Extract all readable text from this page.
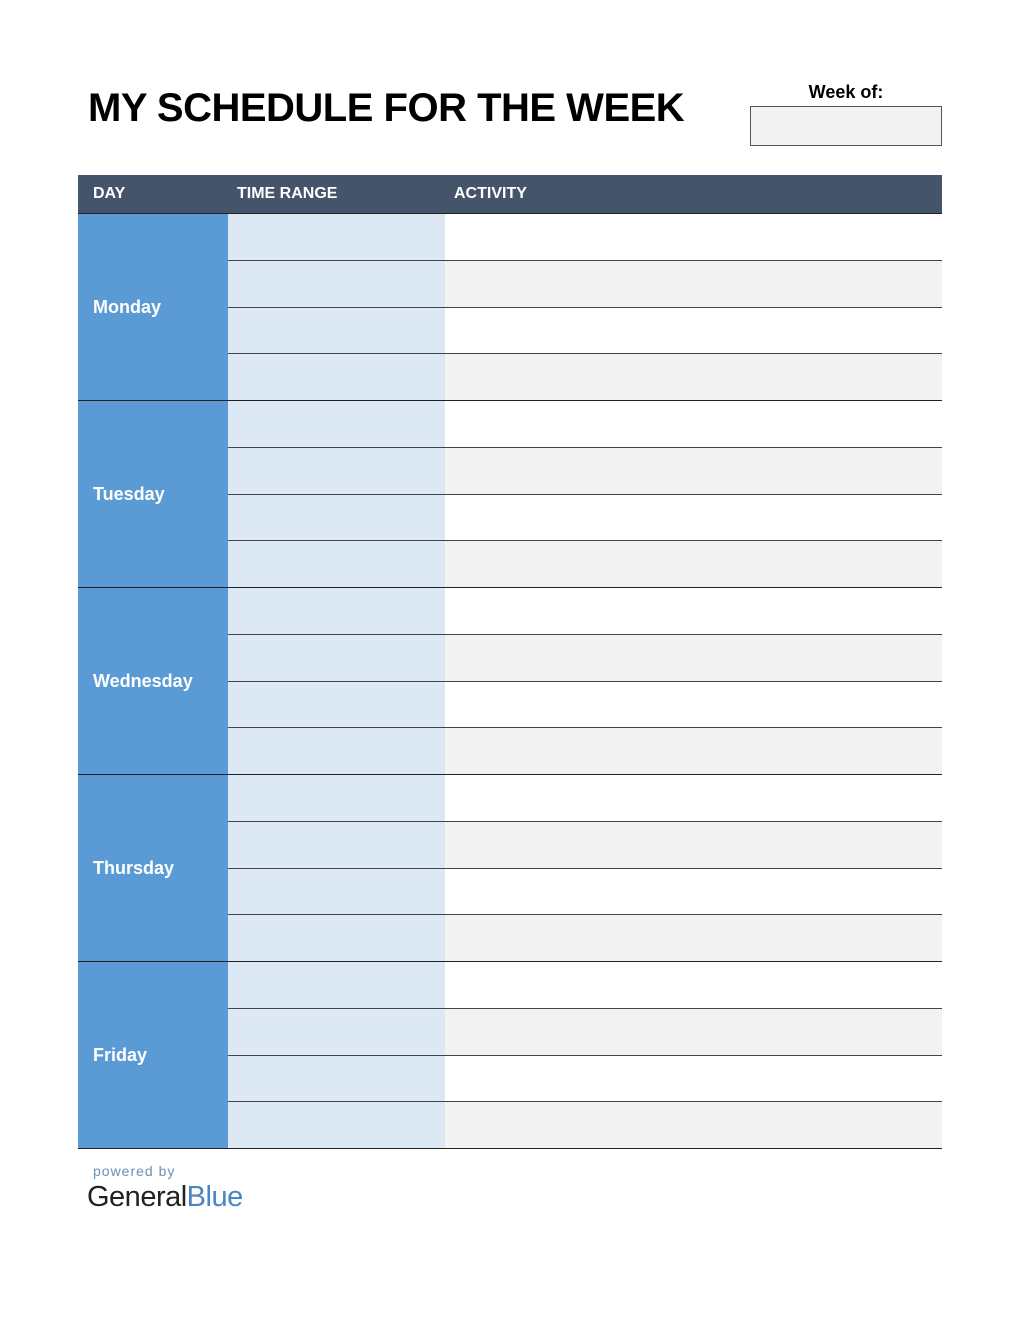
MY SCHEDULE FOR THE WEEK	Week of:
DAY	TIME RANGE	ACTIVITY
Monday
Tuesday
Wednesday
Thursday
Friday
powered by
GeneralBlue
